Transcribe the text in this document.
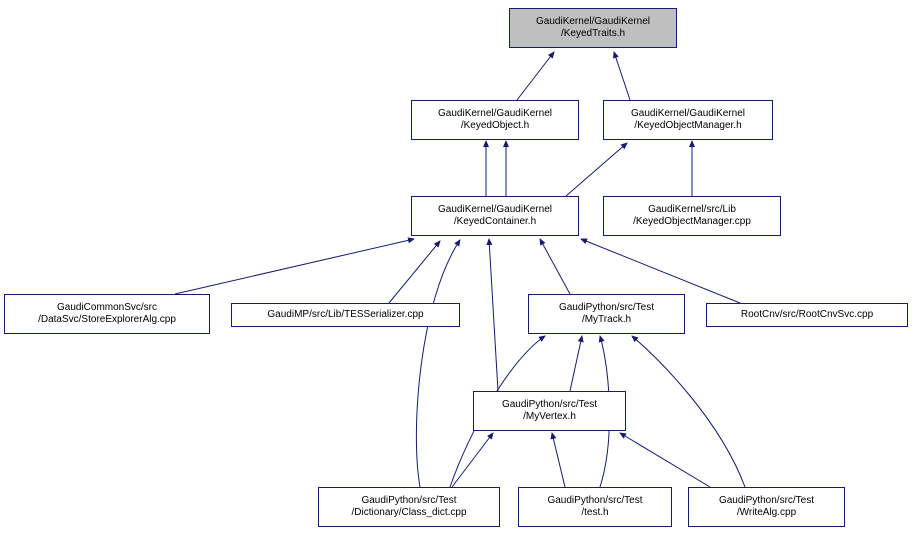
GaudiKernel/GaudiKernel
/KeyedTraits.h
GaudiKernel/GaudiKernel
/KeyedObject.h
GaudiKernel/GaudiKernel
/KeyedObjectManager.h
GaudiKernel/GaudiKernel
/KeyedContainer.h
GaudiKernel/src/Lib
/KeyedObjectManager.cpp
GaudiCommonSvc/src
/DataSvc/StoreExplorerAlg.cpp	GaudiMP/src/Lib/TESSerializer.cpp
GaudiPython/src/Test
/MyTrack.h	RootCnv/src/RootCnvSvc.cpp
GaudiPython/src/Test
/MyVertex.h
GaudiPython/src/Test
/Dictionary/Class_dict.cpp
GaudiPython/src/Test
/test.h
GaudiPython/src/Test
/WriteAlg.cpp
